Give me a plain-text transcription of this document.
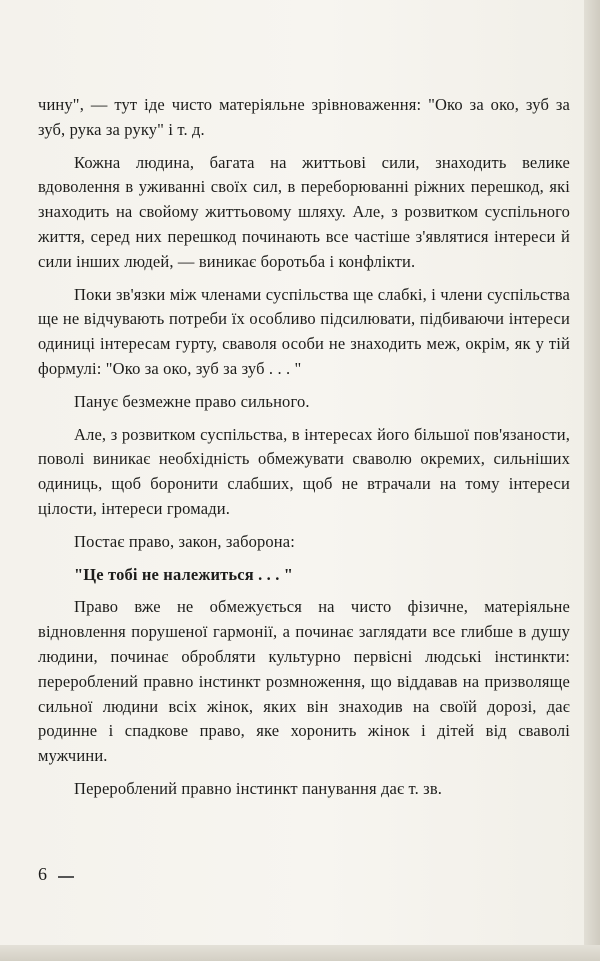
чину", — тут іде чисто матеріяльне зрівноваження: "Око за око, зуб за зуб, рука за руку" і т. д.

Кожна людина, багата на життьові сили, знаходить велике вдоволення в уживанні своїх сил, в переборюванні ріжних перешкод, які знаходить на свойому життьовому шляху. Але, з розвитком суспільного життя, серед них перешкод починають все частіше з'являтися інтереси й сили інших людей, — виникає боротьба і конфлікти.

Поки зв'язки між членами суспільства ще слабкі, і члени суспільства ще не відчувають потреби їх особливо підсилювати, підбиваючи інтереси одиниці інтересам гурту, сваволя особи не знаходить меж, окрім, як у тій формулі: "Око за око, зуб за зуб . . . "

Панує безмежне право сильного.

Але, з розвитком суспільства, в інтересах його більшої пов'язаности, поволі виникає необхідність обмежувати сваволю окремих, сильніших одиниць, щоб боронити слабших, щоб не втрачали на тому інтереси цілости, інтереси громади.

Постає право, закон, заборона:

"Це тобі не належиться . . . "

Право вже не обмежується на чисто фізичне, матеріяльне відновлення порушеної гармонії, а починає заглядати все глибше в душу людини, починає обробляти культурно первісні людські інстинкти: перероблений правно інстинкт розмноження, що віддавав на призволяще сильної людини всіх жінок, яких він знаходив на своїй дорозі, дає родинне і спадкове право, яке хоронить жінок і дітей від сваволі мужчини.

Перероблений правно інстинкт панування дає т. зв.

6
